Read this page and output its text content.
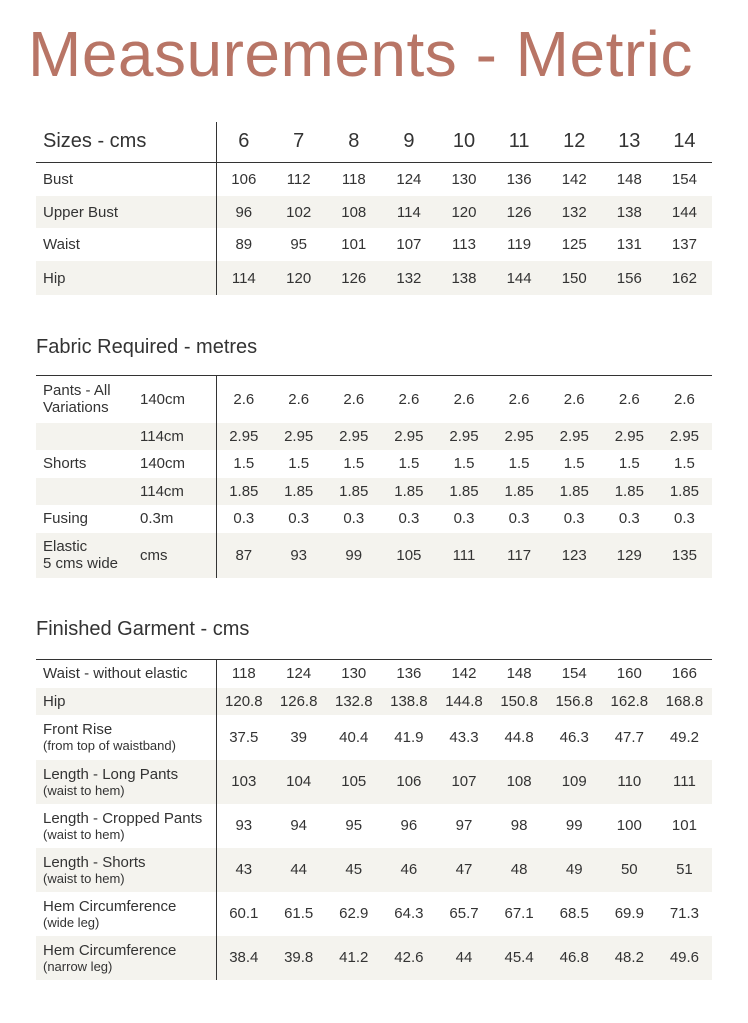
Measurements - Metric
Sizes - cms	6	7	8	9	10	11	12	13	14
Bust	106	112	118	124	130	136	142	148	154
Upper Bust	96	102	108	114	120	126	132	138	144
Waist	89	95	101	107	113	119	125	131	137
Hip	114	120	126	132	138	144	150	156	162
Fabric Required - metres
Pants - All Variations	140cm	2.6	2.6	2.6	2.6	2.6	2.6	2.6	2.6	2.6
	114cm	2.95	2.95	2.95	2.95	2.95	2.95	2.95	2.95	2.95
Shorts	140cm	1.5	1.5	1.5	1.5	1.5	1.5	1.5	1.5	1.5
	114cm	1.85	1.85	1.85	1.85	1.85	1.85	1.85	1.85	1.85
Fusing	0.3m	0.3	0.3	0.3	0.3	0.3	0.3	0.3	0.3	0.3
Elastic
5 cms wide	cms	87	93	99	105	111	117	123	129	135
Finished Garment - cms
Waist - without elastic	118	124	130	136	142	148	154	160	166
Hip	120.8	126.8	132.8	138.8	144.8	150.8	156.8	162.8	168.8
Front Rise
(from top of waistband)	37.5	39	40.4	41.9	43.3	44.8	46.3	47.7	49.2
Length - Long Pants
(waist to hem)	103	104	105	106	107	108	109	110	111
Length - Cropped Pants
(waist to hem)	93	94	95	96	97	98	99	100	101
Length - Shorts
(waist to hem)	43	44	45	46	47	48	49	50	51
Hem Circumference
(wide leg)	60.1	61.5	62.9	64.3	65.7	67.1	68.5	69.9	71.3
Hem Circumference
(narrow leg)	38.4	39.8	41.2	42.6	44	45.4	46.8	48.2	49.6
